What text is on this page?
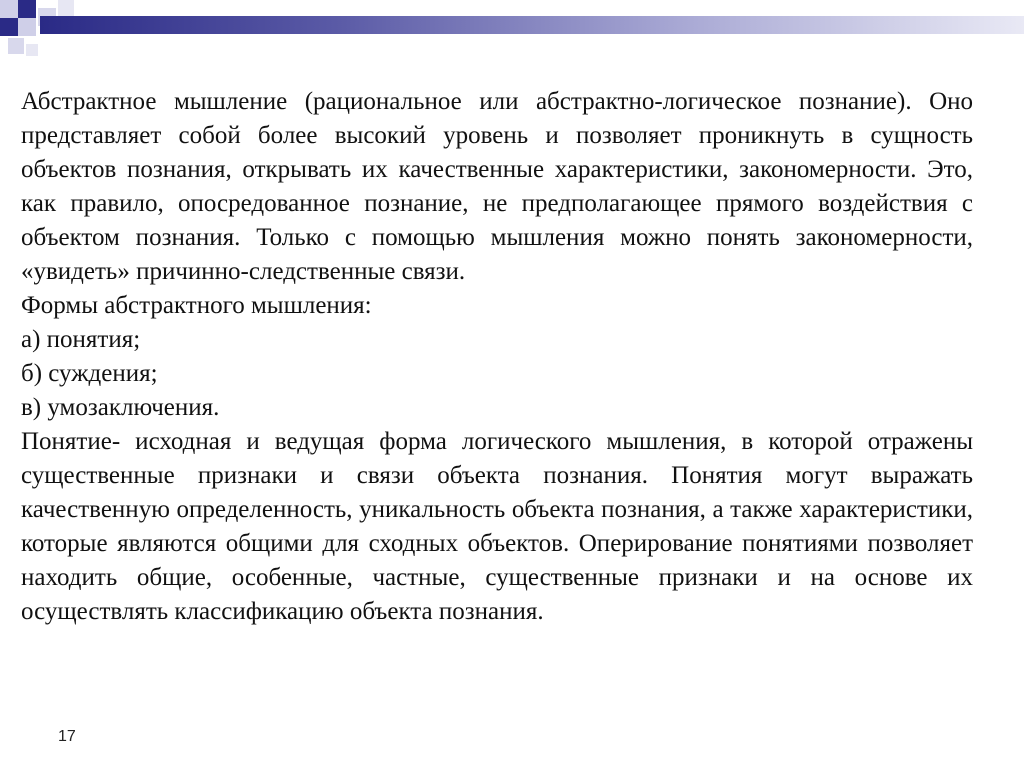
Абстрактное мышление (рациональное или абстрактно-логическое познание). Оно представляет собой более высокий уровень и позволяет проникнуть в сущность объектов познания, открывать их качественные характеристики, закономерности. Это, как правило, опосредованное познание, не предполагающее прямого воздействия с объектом познания. Только с помощью мышления можно понять закономерности, «увидеть» причинно-следственные связи.

Формы абстрактного мышления:

а) понятия;

б) суждения;

в) умозаключения.

Понятие- исходная и ведущая форма логического мышления, в которой отражены существенные признаки и связи объекта познания. Понятия могут выражать качественную определенность, уникальность объекта познания, а также характеристики, которые являются общими для сходных объектов. Оперирование понятиями позволяет находить общие, особенные, частные, существенные признаки и на основе их осуществлять классификацию объекта познания.

17
